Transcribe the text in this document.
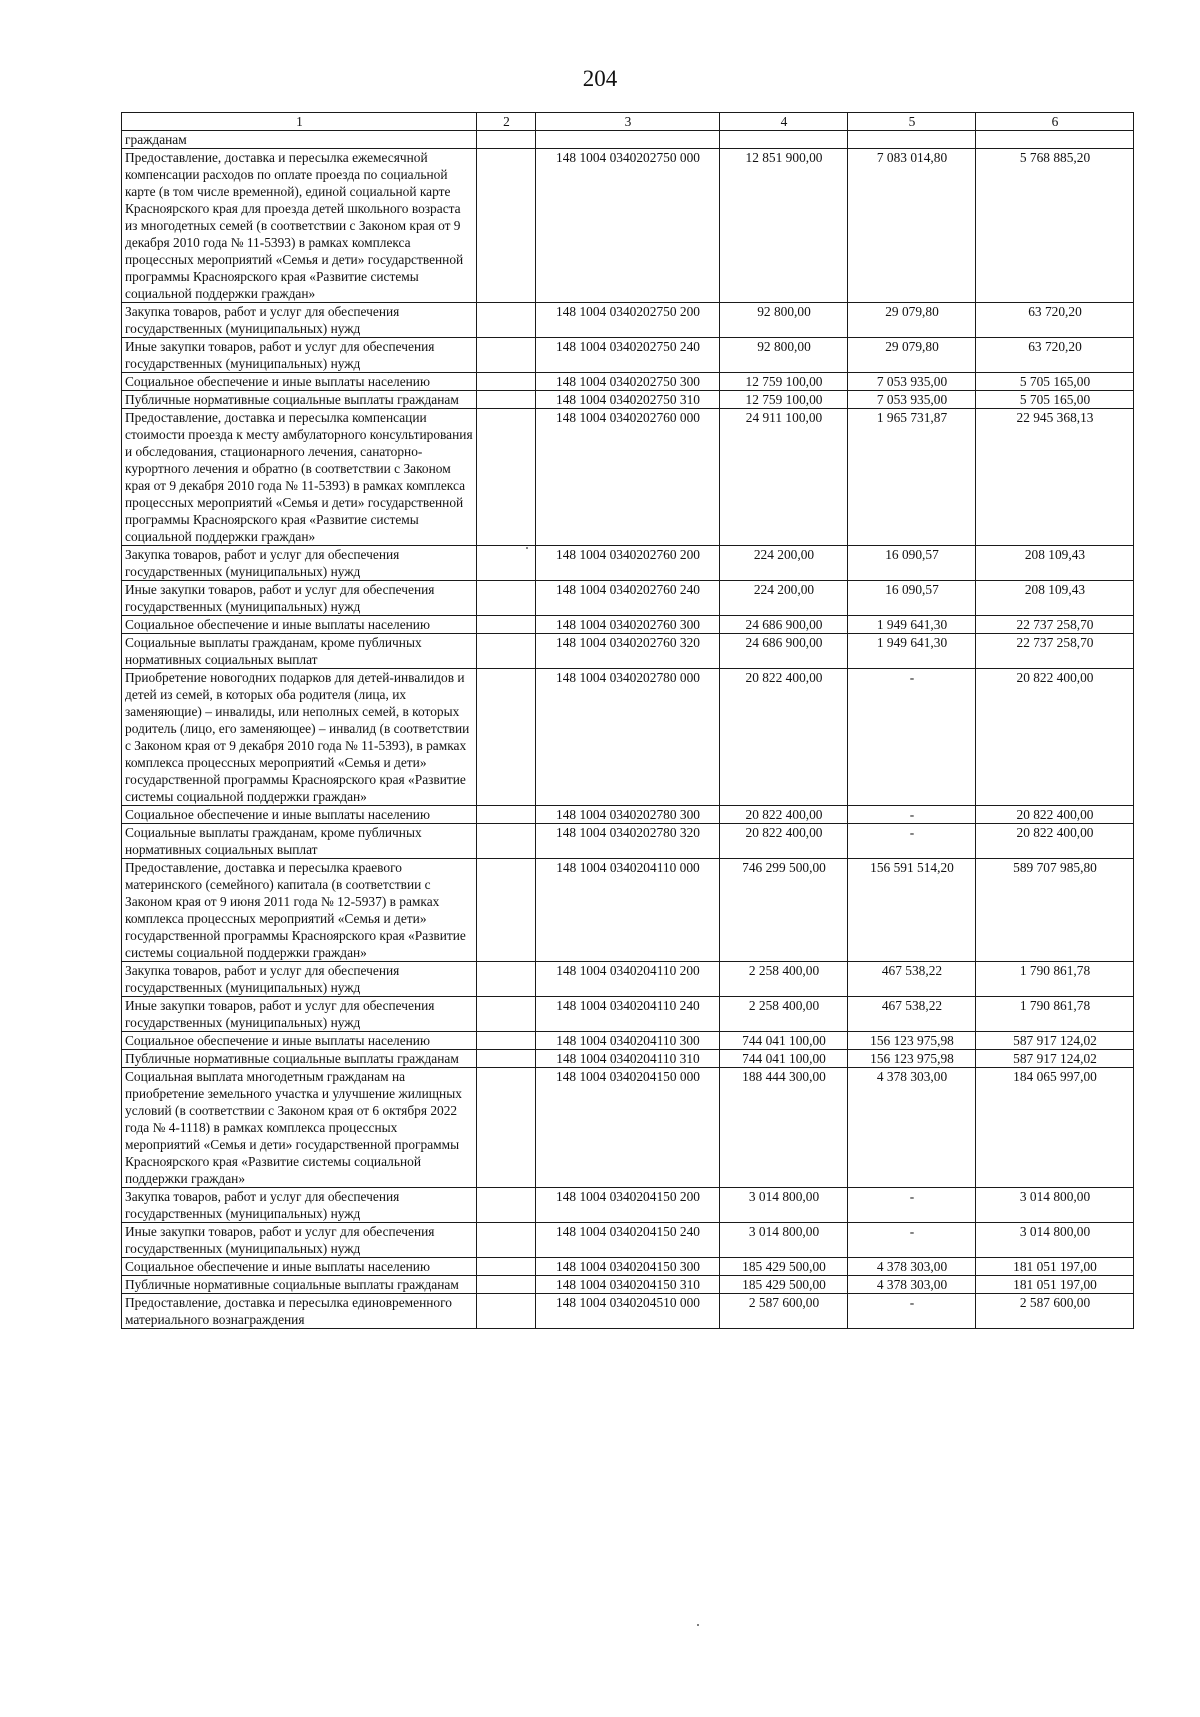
204
1	2	3	4	5	6
гражданам					
Предоставление, доставка и пересылка ежемесячной компенсации расходов по оплате проезда по социальной карте (в том числе временной), единой социальной карте Красноярского края для проезда детей школьного возраста из многодетных семей (в соответствии с Законом края от 9 декабря 2010 года № 11-5393) в рамках комплекса процессных мероприятий «Семья и дети» государственной программы Красноярского края «Развитие системы социальной поддержки граждан»		148 1004 0340202750 000	12 851 900,00	7 083 014,80	5 768 885,20
Закупка товаров, работ и услуг для обеспечения государственных (муниципальных) нужд		148 1004 0340202750 200	92 800,00	29 079,80	63 720,20
Иные закупки товаров, работ и услуг для обеспечения государственных (муниципальных) нужд		148 1004 0340202750 240	92 800,00	29 079,80	63 720,20
Социальное обеспечение и иные выплаты населению		148 1004 0340202750 300	12 759 100,00	7 053 935,00	5 705 165,00
Публичные нормативные социальные выплаты гражданам		148 1004 0340202750 310	12 759 100,00	7 053 935,00	5 705 165,00
Предоставление, доставка и пересылка компенсации стоимости проезда к месту амбулаторного консультирования и обследования, стационарного лечения, санаторно-курортного лечения и обратно (в соответствии с Законом края от 9 декабря 2010 года № 11-5393) в рамках комплекса процессных мероприятий «Семья и дети» государственной программы Красноярского края «Развитие системы социальной поддержки граждан»		148 1004 0340202760 000	24 911 100,00	1 965 731,87	22 945 368,13
Закупка товаров, работ и услуг для обеспечения государственных (муниципальных) нужд		148 1004 0340202760 200	224 200,00	16 090,57	208 109,43
Иные закупки товаров, работ и услуг для обеспечения государственных (муниципальных) нужд		148 1004 0340202760 240	224 200,00	16 090,57	208 109,43
Социальное обеспечение и иные выплаты населению		148 1004 0340202760 300	24 686 900,00	1 949 641,30	22 737 258,70
Социальные выплаты гражданам, кроме публичных нормативных социальных выплат		148 1004 0340202760 320	24 686 900,00	1 949 641,30	22 737 258,70
Приобретение новогодних подарков для детей-инвалидов и детей из семей, в которых оба родителя (лица, их заменяющие) – инвалиды, или неполных семей, в которых родитель (лицо, его заменяющее) – инвалид (в соответствии с Законом края от 9 декабря 2010 года № 11-5393), в рамках комплекса процессных мероприятий «Семья и дети» государственной программы Красноярского края «Развитие системы социальной поддержки граждан»		148 1004 0340202780 000	20 822 400,00	-	20 822 400,00
Социальное обеспечение и иные выплаты населению		148 1004 0340202780 300	20 822 400,00	-	20 822 400,00
Социальные выплаты гражданам, кроме публичных нормативных социальных выплат		148 1004 0340202780 320	20 822 400,00	-	20 822 400,00
Предоставление, доставка и пересылка краевого материнского (семейного) капитала (в соответствии с Законом края от 9 июня 2011 года № 12-5937) в рамках комплекса процессных мероприятий «Семья и дети» государственной программы Красноярского края «Развитие системы социальной поддержки граждан»		148 1004 0340204110 000	746 299 500,00	156 591 514,20	589 707 985,80
Закупка товаров, работ и услуг для обеспечения государственных (муниципальных) нужд		148 1004 0340204110 200	2 258 400,00	467 538,22	1 790 861,78
Иные закупки товаров, работ и услуг для обеспечения государственных (муниципальных) нужд		148 1004 0340204110 240	2 258 400,00	467 538,22	1 790 861,78
Социальное обеспечение и иные выплаты населению		148 1004 0340204110 300	744 041 100,00	156 123 975,98	587 917 124,02
Публичные нормативные социальные выплаты гражданам		148 1004 0340204110 310	744 041 100,00	156 123 975,98	587 917 124,02
Социальная выплата многодетным гражданам на приобретение земельного участка и улучшение жилищных условий (в соответствии с Законом края от 6 октября 2022 года № 4-1118) в рамках комплекса процессных мероприятий «Семья и дети» государственной программы Красноярского края «Развитие системы социальной поддержки граждан»		148 1004 0340204150 000	188 444 300,00	4 378 303,00	184 065 997,00
Закупка товаров, работ и услуг для обеспечения государственных (муниципальных) нужд		148 1004 0340204150 200	3 014 800,00	-	3 014 800,00
Иные закупки товаров, работ и услуг для обеспечения государственных (муниципальных) нужд		148 1004 0340204150 240	3 014 800,00	-	3 014 800,00
Социальное обеспечение и иные выплаты населению		148 1004 0340204150 300	185 429 500,00	4 378 303,00	181 051 197,00
Публичные нормативные социальные выплаты гражданам		148 1004 0340204150 310	185 429 500,00	4 378 303,00	181 051 197,00
Предоставление, доставка и пересылка единовременного материального вознаграждения		148 1004 0340204510 000	2 587 600,00	-	2 587 600,00
